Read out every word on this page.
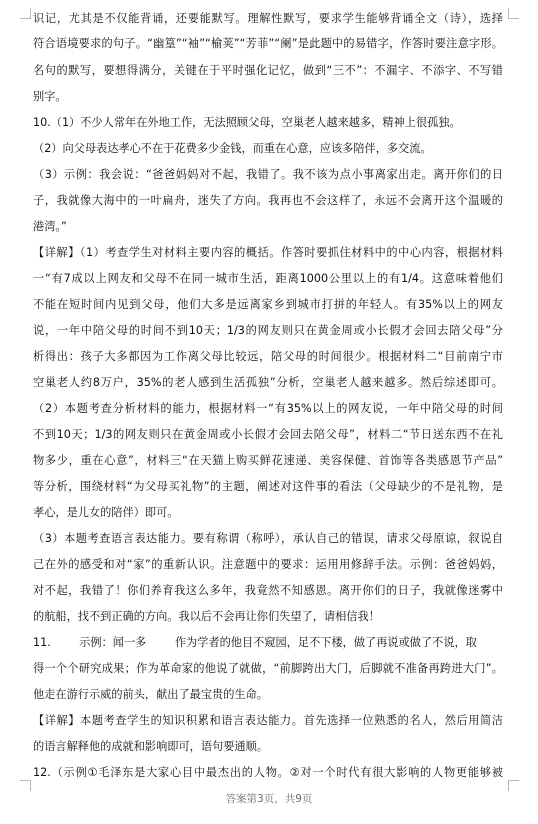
识记，尤其是不仅能背诵，还要能默写。理解性默写，要求学生能够背诵全文（诗），选择
符合语境要求的句子。“幽篁”“袖”“榆荚”“芳菲”“阑”是此题中的易错字，作答时要注意字形。
名句的默写，要想得满分，关键在于平时强化记忆，做到“三不”：不漏字、不添字、不写错
别字。
10.（1）不少人常年在外地工作，无法照顾父母，空巢老人越来越多，精神上很孤独。
（2）向父母表达孝心不在于花费多少金钱，而重在心意，应该多陪伴，多交流。
（3）示例：我会说：“爸爸妈妈对不起，我错了。我不该为点小事离家出走。离开你们的日
子，我就像大海中的一叶扁舟，迷失了方向。我再也不会这样了，永远不会离开这个温暖的
港湾。”
【详解】（1）考查学生对材料主要内容的概括。作答时要抓住材料中的中心内容，根据材料
一“有7成以上网友和父母不在同一城市生活，距离1000公里以上的有1/4。这意味着他们
不能在短时间内见到父母，他们大多是远离家乡到城市打拼的年轻人。有35%以上的网友
说，一年中陪父母的时间不到10天；1/3的网友则只在黄金周或小长假才会回去陪父母”分
析得出：孩子大多都因为工作离父母比较远，陪父母的时间很少。根据材料二“目前南宁市
空巢老人约8万户，35%的老人感到生活孤独”分析，空巢老人越来越多。然后综述即可。
（2）本题考查分析材料的能力，根据材料一“有35%以上的网友说，一年中陪父母的时间
不到10天；1/3的网友则只在黄金周或小长假才会回去陪父母”，材料二“节日送东西不在礼
物多少，重在心意”，材料三“在天猫上购买鲜花速递、美容保健、首饰等各类感恩节产品”
等分析，围绕材料“为父母买礼物”的主题，阐述对这件事的看法（父母缺少的不是礼物，是
孝心，是儿女的陪伴）即可。
（3）本题考查语言表达能力。要有称谓（称呼），承认自己的错误，请求父母原谅，叙说自
己在外的感受和对“家”的重新认识。注意题中的要求：运用用修辞手法。示例：爸爸妈妈，
对不起，我错了！你们养育我这么多年，我竟然不知感恩。离开你们的日子，我就像迷雾中
的航船，找不到正确的方向。我以后不会再让你们失望了，请相信我！
11.        示例：闻一多        作为学者的他目不窥园，足不下楼，做了再说或做了不说，取
得一个个研究成果；作为革命家的他说了就做，“前脚跨出大门，后脚就不准备再跨进大门”。
他走在游行示威的前头，献出了最宝贵的生命。
【详解】本题考查学生的知识积累和语言表达能力。首先选择一位熟悉的名人，然后用简洁
的语言解释他的成就和影响即可，语句要通顺。
12.（示例①毛泽东是大家心目中最杰出的人物。②对一个时代有很大影响的人物更能够被
答案第3页，共9页
